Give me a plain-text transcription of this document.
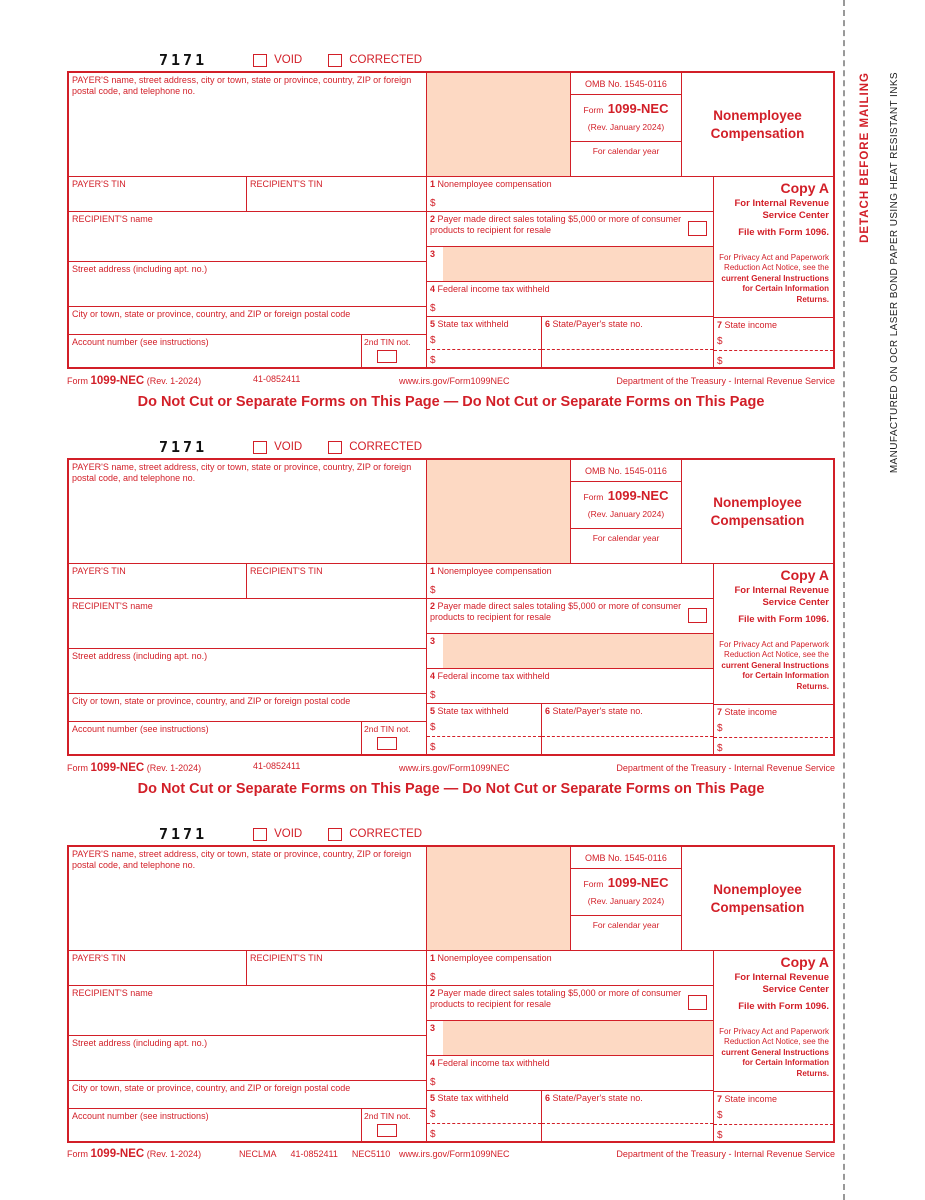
7171	VOID	CORRECTED
PAYER'S name, street address, city or town, state or province, country, ZIP or foreign postal code, and telephone no.
OMB No. 1545-0116
Form 1099-NEC
(Rev. January 2024)
For calendar year
Nonemployee
Compensation
PAYER'S TIN	RECIPIENT'S TIN
RECIPIENT'S name
Street address (including apt. no.)
City or town, state or province, country, and ZIP or foreign postal code
Account number (see instructions)	2nd TIN not.
1 Nonemployee compensation
$
2 Payer made direct sales totaling $5,000 or more of consumer products to recipient for resale
3
4 Federal income tax withheld
$
5 State tax withheld
$
$
6 State/Payer's state no.
Copy A
For Internal Revenue
Service Center
File with Form 1096.
For Privacy Act and Paperwork Reduction Act Notice, see the current General Instructions for Certain Information Returns.
7 State income
$
$
Form 1099-NEC (Rev. 1-2024)	41-0852411	www.irs.gov/Form1099NEC	Department of the Treasury - Internal Revenue Service
Do Not Cut or Separate Forms on This Page — Do Not Cut or Separate Forms on This Page
7171	VOID	CORRECTED
PAYER'S name, street address, city or town, state or province, country, ZIP or foreign postal code, and telephone no.
OMB No. 1545-0116
Form 1099-NEC
(Rev. January 2024)
For calendar year
Nonemployee
Compensation
PAYER'S TIN	RECIPIENT'S TIN
RECIPIENT'S name
Street address (including apt. no.)
City or town, state or province, country, and ZIP or foreign postal code
Account number (see instructions)	2nd TIN not.
1 Nonemployee compensation
$
2 Payer made direct sales totaling $5,000 or more of consumer products to recipient for resale
3
4 Federal income tax withheld
$
5 State tax withheld
$
$
6 State/Payer's state no.
Copy A
For Internal Revenue
Service Center
File with Form 1096.
For Privacy Act and Paperwork Reduction Act Notice, see the current General Instructions for Certain Information Returns.
7 State income
$
$
Form 1099-NEC (Rev. 1-2024)	41-0852411	www.irs.gov/Form1099NEC	Department of the Treasury - Internal Revenue Service
Do Not Cut or Separate Forms on This Page — Do Not Cut or Separate Forms on This Page
7171	VOID	CORRECTED
PAYER'S name, street address, city or town, state or province, country, ZIP or foreign postal code, and telephone no.
OMB No. 1545-0116
Form 1099-NEC
(Rev. January 2024)
For calendar year
Nonemployee
Compensation
PAYER'S TIN	RECIPIENT'S TIN
RECIPIENT'S name
Street address (including apt. no.)
City or town, state or province, country, and ZIP or foreign postal code
Account number (see instructions)	2nd TIN not.
1 Nonemployee compensation
$
2 Payer made direct sales totaling $5,000 or more of consumer products to recipient for resale
3
4 Federal income tax withheld
$
5 State tax withheld
$
$
6 State/Payer's state no.
Copy A
For Internal Revenue
Service Center
File with Form 1096.
For Privacy Act and Paperwork Reduction Act Notice, see the current General Instructions for Certain Information Returns.
7 State income
$
$
Form 1099-NEC (Rev. 1-2024)	NECLMA 41-0852411 NEC5110 www.irs.gov/Form1099NEC	Department of the Treasury - Internal Revenue Service
DETACH BEFORE MAILING MANUFACTURED ON OCR LASER BOND PAPER USING HEAT RESISTANT INKS
